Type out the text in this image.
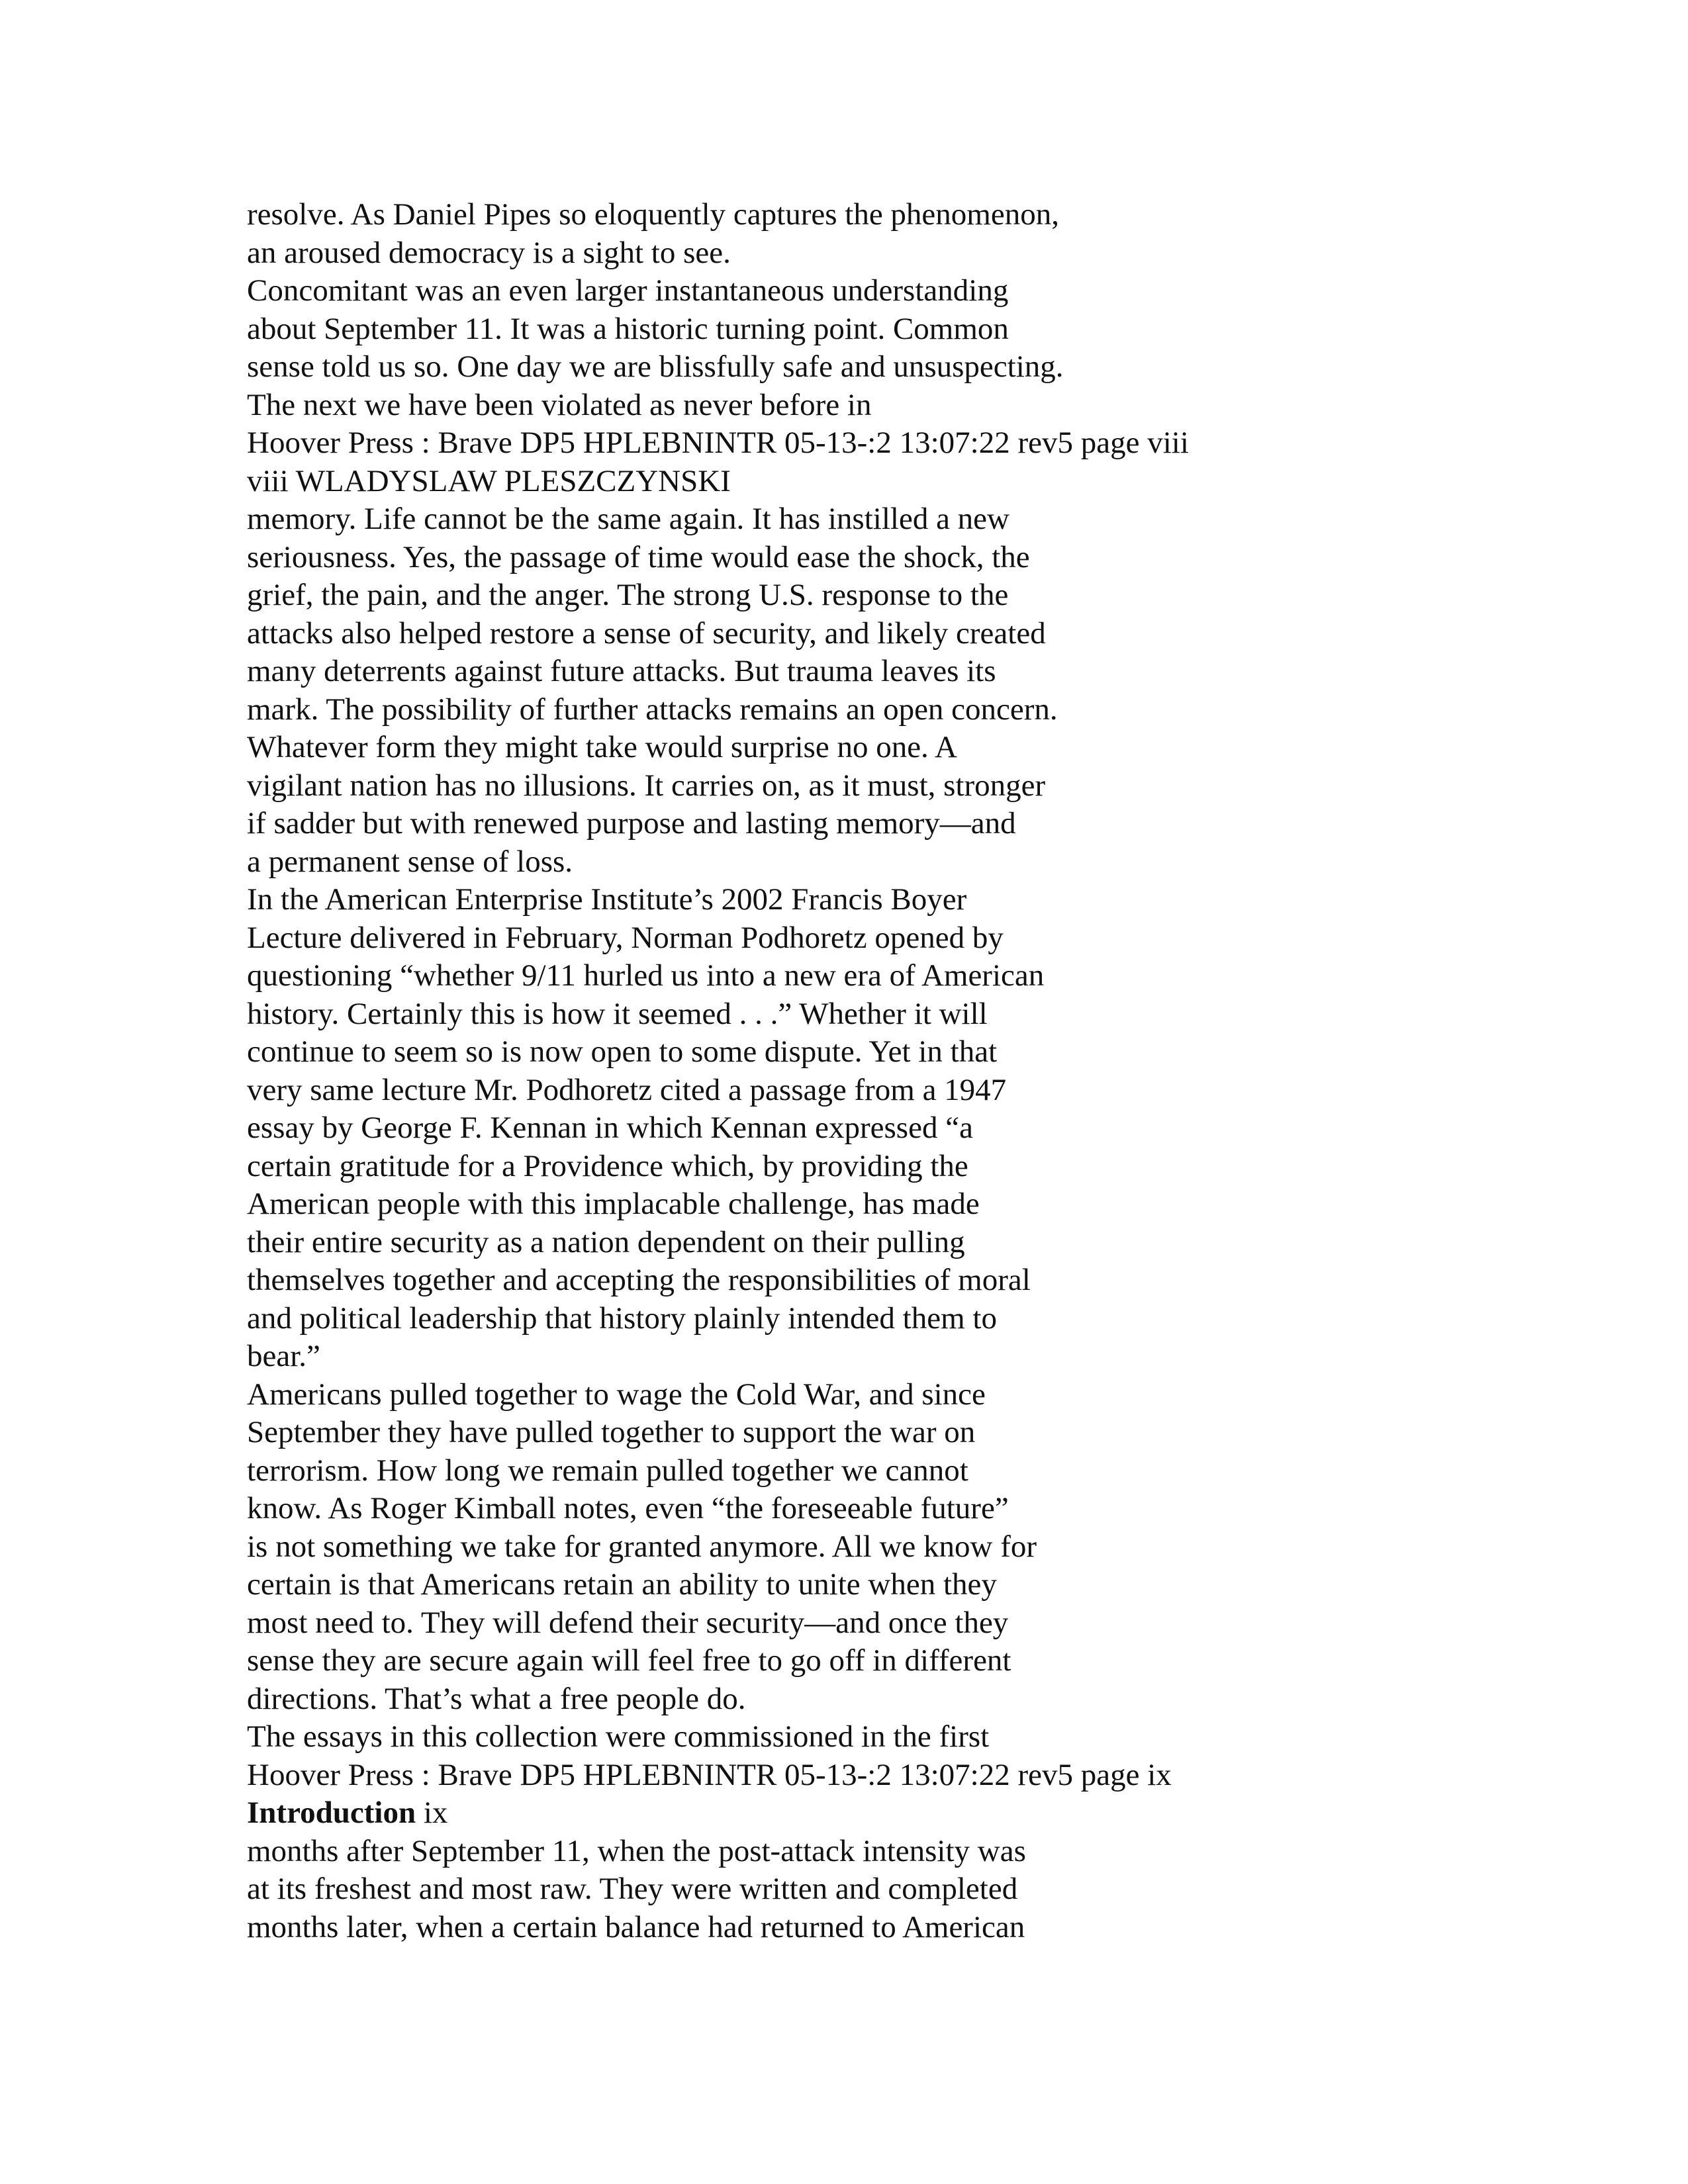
resolve. As Daniel Pipes so eloquently captures the phenomenon,
an aroused democracy is a sight to see.
Concomitant was an even larger instantaneous understanding
about September 11. It was a historic turning point. Common
sense told us so. One day we are blissfully safe and unsuspecting.
The next we have been violated as never before in
Hoover Press : Brave DP5 HPLEBNINTR 05-13-:2 13:07:22 rev5 page viii
viii WLADYSLAW PLESZCZYNSKI
memory. Life cannot be the same again. It has instilled a new
seriousness. Yes, the passage of time would ease the shock, the
grief, the pain, and the anger. The strong U.S. response to the
attacks also helped restore a sense of security, and likely created
many deterrents against future attacks. But trauma leaves its
mark. The possibility of further attacks remains an open concern.
Whatever form they might take would surprise no one. A
vigilant nation has no illusions. It carries on, as it must, stronger
if sadder but with renewed purpose and lasting memory—and
a permanent sense of loss.
In the American Enterprise Institute’s 2002 Francis Boyer
Lecture delivered in February, Norman Podhoretz opened by
questioning “whether 9/11 hurled us into a new era of American
history. Certainly this is how it seemed . . .” Whether it will
continue to seem so is now open to some dispute. Yet in that
very same lecture Mr. Podhoretz cited a passage from a 1947
essay by George F. Kennan in which Kennan expressed “a
certain gratitude for a Providence which, by providing the
American people with this implacable challenge, has made
their entire security as a nation dependent on their pulling
themselves together and accepting the responsibilities of moral
and political leadership that history plainly intended them to
bear.”
Americans pulled together to wage the Cold War, and since
September they have pulled together to support the war on
terrorism. How long we remain pulled together we cannot
know. As Roger Kimball notes, even “the foreseeable future”
is not something we take for granted anymore. All we know for
certain is that Americans retain an ability to unite when they
most need to. They will defend their security—and once they
sense they are secure again will feel free to go off in different
directions. That’s what a free people do.
The essays in this collection were commissioned in the first
Hoover Press : Brave DP5 HPLEBNINTR 05-13-:2 13:07:22 rev5 page ix
Introduction ix
months after September 11, when the post-attack intensity was
at its freshest and most raw. They were written and completed
months later, when a certain balance had returned to American
